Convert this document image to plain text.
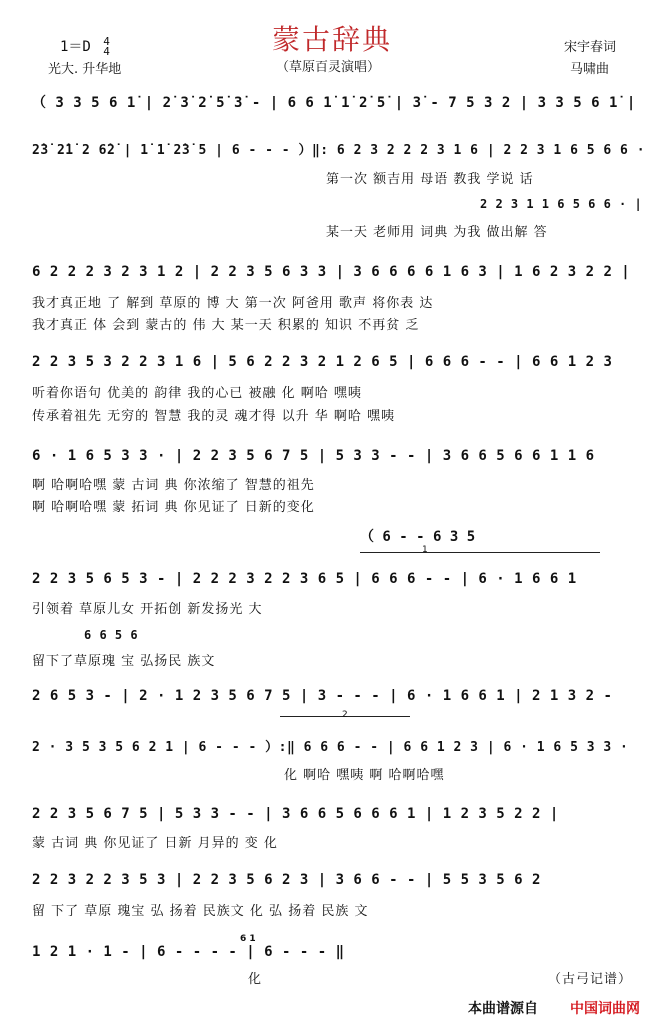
蒙古辞典
（草原百灵演唱）
1＝D 4
4
光大. 升华地
宋宇春词
马啸曲
（ 3 3 5 6 1̇ | 2̇ 3̇ 2̇ 5̇ 3̇ - | 6 6 1̇ 1̇ 2̇ 5̇ | 3̇ - 7 5 3 2 | 3 3 5 6 1̇ |
2̇3̇ 2̇1̇ 2 6̇2̇ | 1̇ 1̇ 2̇3̇ 5 | 6 - - - ）‖: 6 2 3 2 2 2 3 1 6 | 2 2 3 1 6 5 6 6 ·
第一次 额吉用 母语 教我 学说 话
2 2 3 1 1 6 5 6 6 · |
某一天 老师用 词典 为我 做出解 答
6 2 2 2 3 2 3 1 2 | 2 2 3 5 6 3 3 | 3 6 6 6 6 1 6 3 | 1 6 2 3 2 2 |
我才真正地 了 解到 草原的 博 大 第一次 阿爸用 歌声 将你表 达
我才真正 体 会到 蒙古的 伟 大 某一天 积累的 知识 不再贫 乏
2 2 3 5 3 2 2 3 1 6 | 5 6 2 2 3 2 1 2 6 5 | 6 6 6 - - | 6 6 1 2 3
听着你语句 优美的 韵律 我的心已 被融 化 啊哈 嘿咦
传承着祖先 无穷的 智慧 我的灵 魂才得 以升 华 啊哈 嘿咦
6 · 1 6 5 3 3 · | 2 2 3 5 6 7 5 | 5 3 3 - - | 3 6 6 5 6 6 1 1 6
啊 哈啊哈嘿 蒙 古词 典 你浓缩了 智慧的祖先
啊 哈啊哈嘿 蒙 拓词 典 你见证了 日新的变化
（ 6 - - 6 3 5
1
2 2 3 5 6 5 3 - | 2 2 2 3 2 2 3 6 5 | 6 6 6 - - | 6 · 1 6 6 1
引领着 草原儿女 开拓创 新发扬光 大
6 6 5 6
留下了草原瑰 宝 弘扬民 族文
2 6 5 3 - | 2 · 1 2 3 5 6 7 5 | 3 - - - | 6 · 1 6 6 1 | 2 1 3 2 -
2
2 · 3 5 3 5 6 2 1 | 6 - - - ）:‖ 6 6 6 - - | 6 6 1 2 3 | 6 · 1 6 5 3 3 ·
化 啊哈 嘿咦 啊 哈啊哈嘿
2 2 3 5 6 7 5 | 5 3 3 - - | 3 6 6 5 6 6 6 1 | 1 2 3 5 2 2 |
蒙 古词 典 你见证了 日新 月异的 变 化
2 2 3 2 2 3 5 3 | 2 2 3 5 6 2 3 | 3 6 6 - - | 5 5 3 5 6 2
留 下了 草原 瑰宝 弘 扬着 民族文 化 弘 扬着 民族 文
6 1
1 2 1 · 1 - | 6 - - - - | 6 - - - ‖
化	（古弓记谱）
本曲谱源自 中国词曲网
